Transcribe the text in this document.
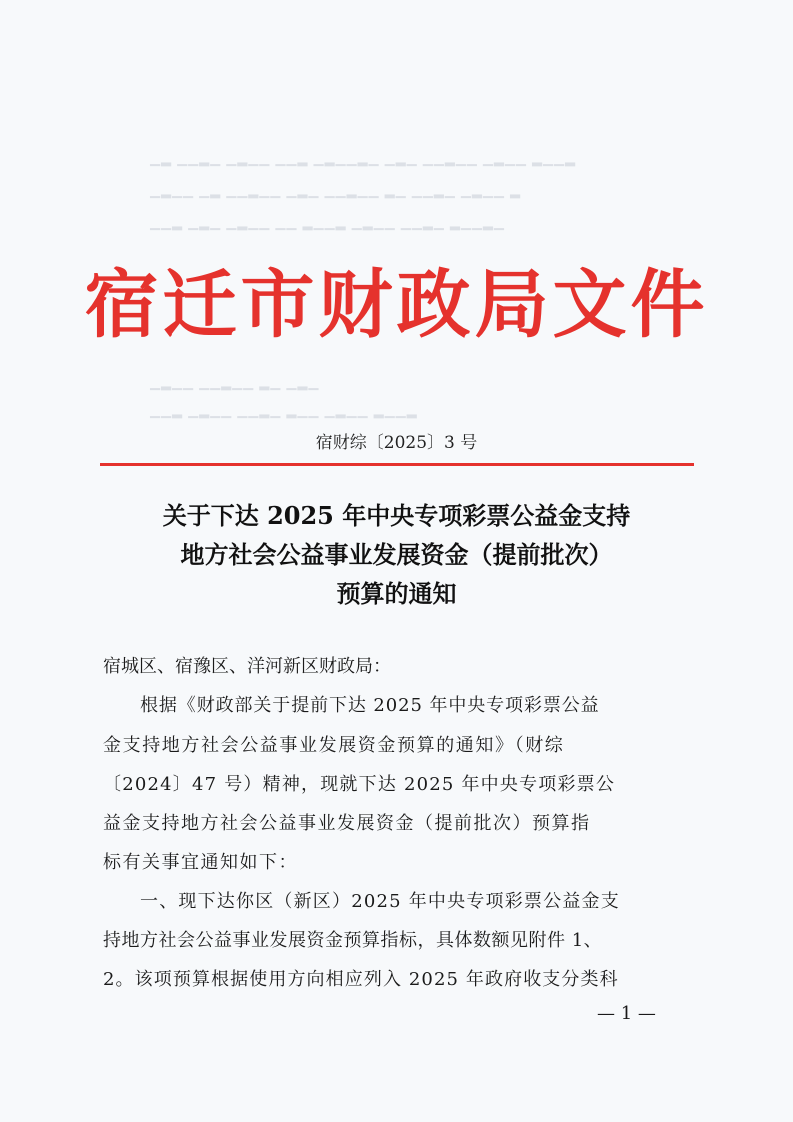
▁▂ ▁▁▂▁ ▁▂▁▁ ▁▁▂ ▁▂▁▁▂▁ ▁▂▁ ▁▁▂▁▁ ▁▂▁▁ ▂▁▁▂
▁▂▁▁ ▁▂ ▁▁▂▁▁ ▁▂▁ ▁▁▂▁▁ ▂▁ ▁▁▂▁ ▁▂▁▁ ▂
▁▁▂ ▁▂▁ ▁▂▁▁ ▁▁ ▂▁▁▂ ▁▂▁▁ ▁▁▂▁ ▂▁▁▂▁
▁▂▁▁ ▁▁▂▁▁ ▂▁ ▁▂▁
▁▁▂ ▁▂▁▁ ▁▁▂▁ ▂▁▁ ▁▂▁▁ ▂▁▁▂
宿迁市财政局文件
宿财综〔2025〕3 号
关于下达 2025 年中央专项彩票公益金支持
地方社会公益事业发展资金（提前批次）
预算的通知
宿城区、宿豫区、洋河新区财政局：
根据《财政部关于提前下达 2025 年中央专项彩票公益
金支持地方社会公益事业发展资金预算的通知》（财综
〔2024〕47 号）精神，现就下达 2025 年中央专项彩票公
益金支持地方社会公益事业发展资金（提前批次）预算指
标有关事宜通知如下：
一、现下达你区（新区）2025 年中央专项彩票公益金支
持地方社会公益事业发展资金预算指标，具体数额见附件 1、
2。该项预算根据使用方向相应列入 2025 年政府收支分类科
— 1 —
